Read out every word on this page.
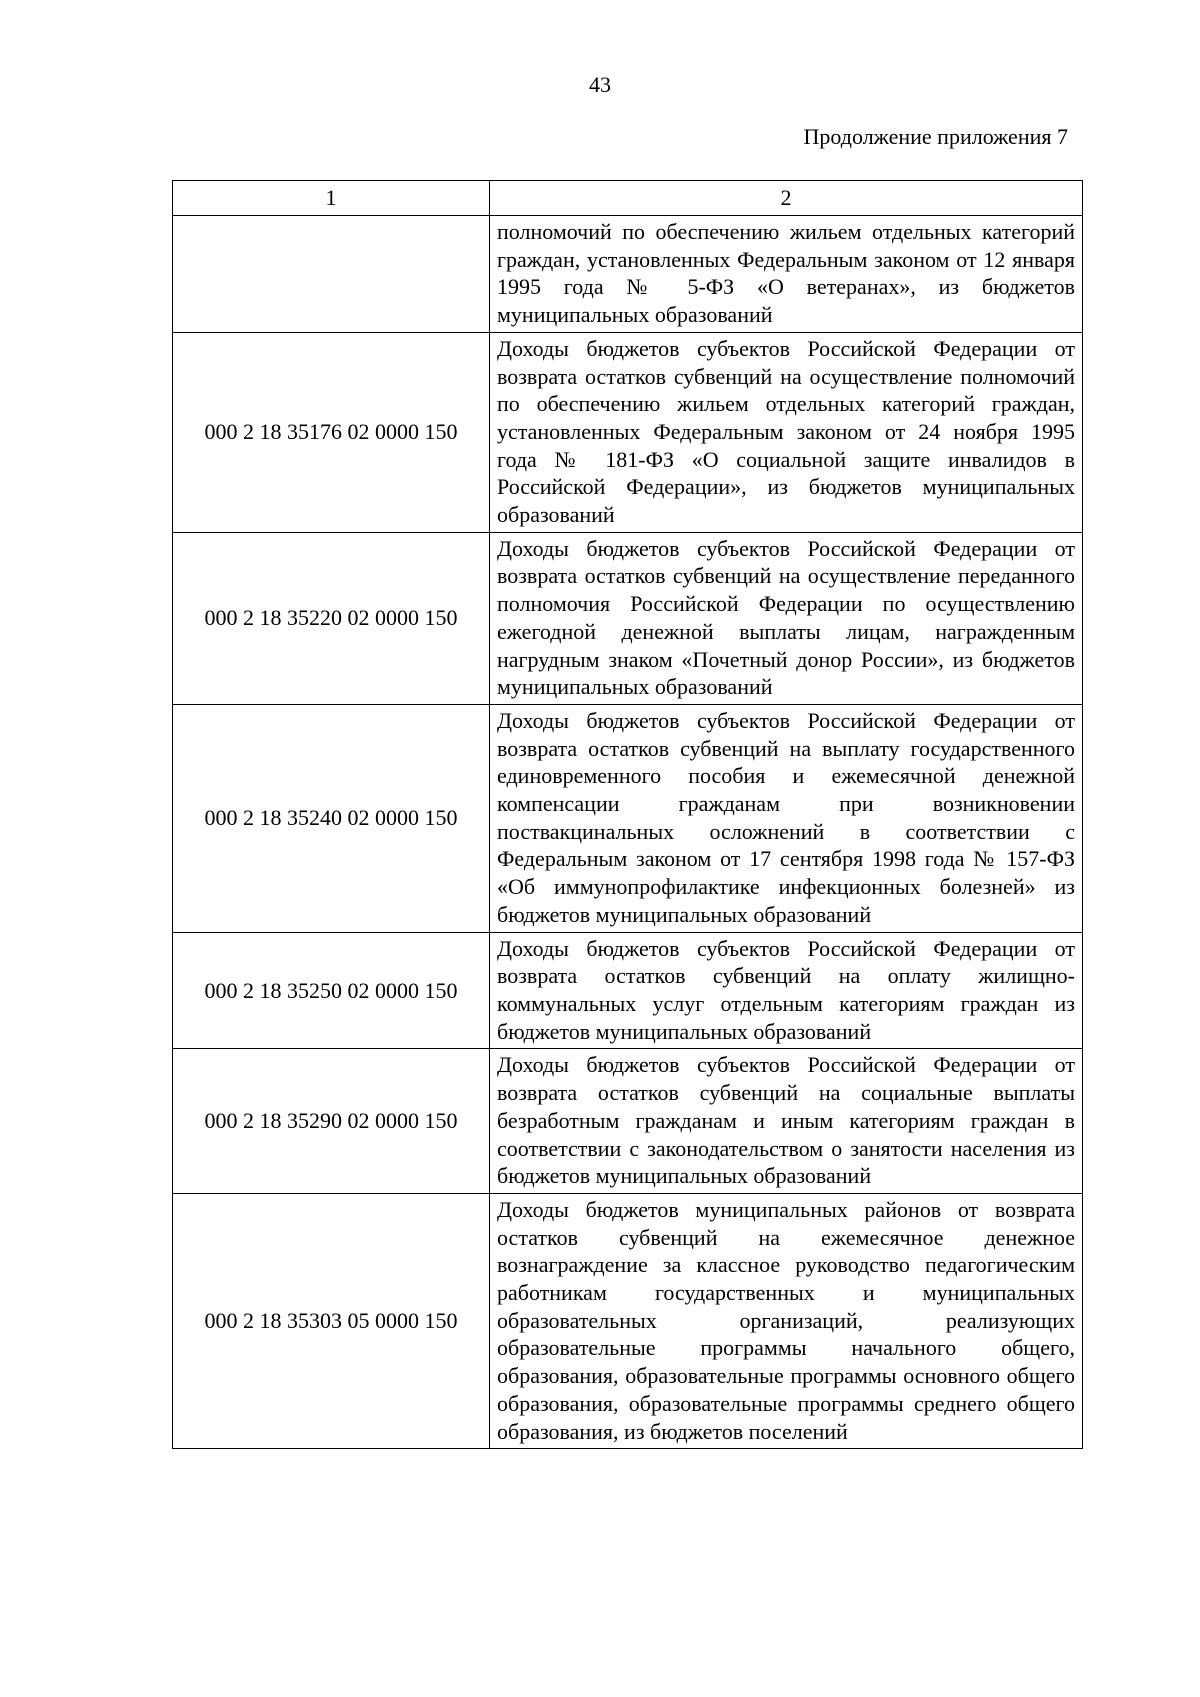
43
Продолжение приложения 7
1	2
	полномочий по обеспечению жильем отдельных категорий граждан, установленных Федеральным законом от 12 января 1995 года № 5-ФЗ «О ветеранах», из бюджетов муниципальных образований
000 2 18 35176 02 0000 150	Доходы бюджетов субъектов Российской Федерации от возврата остатков субвенций на осуществление полномочий по обеспечению жильем отдельных категорий граждан, установленных Федеральным законом от 24 ноября 1995 года № 181-ФЗ «О социальной защите инвалидов в Российской Федерации», из бюджетов муниципальных образований
000 2 18 35220 02 0000 150	Доходы бюджетов субъектов Российской Федерации от возврата остатков субвенций на осуществление переданного полномочия Российской Федерации по осуществлению ежегодной денежной выплаты лицам, награжденным нагрудным знаком «Почетный донор России», из бюджетов муниципальных образований
000 2 18 35240 02 0000 150	Доходы бюджетов субъектов Российской Федерации от возврата остатков субвенций на выплату государственного единовременного пособия и ежемесячной денежной компенсации гражданам при возникновении поствакцинальных осложнений в соответствии с Федеральным законом от 17 сентября 1998 года № 157-ФЗ «Об иммунопрофилактике инфекционных болезней» из бюджетов муниципальных образований
000 2 18 35250 02 0000 150	Доходы бюджетов субъектов Российской Федерации от возврата остатков субвенций на оплату жилищно-коммунальных услуг отдельным категориям граждан из бюджетов муниципальных образований
000 2 18 35290 02 0000 150	Доходы бюджетов субъектов Российской Федерации от возврата остатков субвенций на социальные выплаты безработным гражданам и иным категориям граждан в соответствии с законодательством о занятости населения из бюджетов муниципальных образований
000 2 18 35303 05 0000 150	Доходы бюджетов муниципальных районов от возврата остатков субвенций на ежемесячное денежное вознаграждение за классное руководство педагогическим работникам государственных и муниципальных образовательных организаций, реализующих образовательные программы начального общего, образования, образовательные программы основного общего образования, образовательные программы среднего общего образования, из бюджетов поселений
